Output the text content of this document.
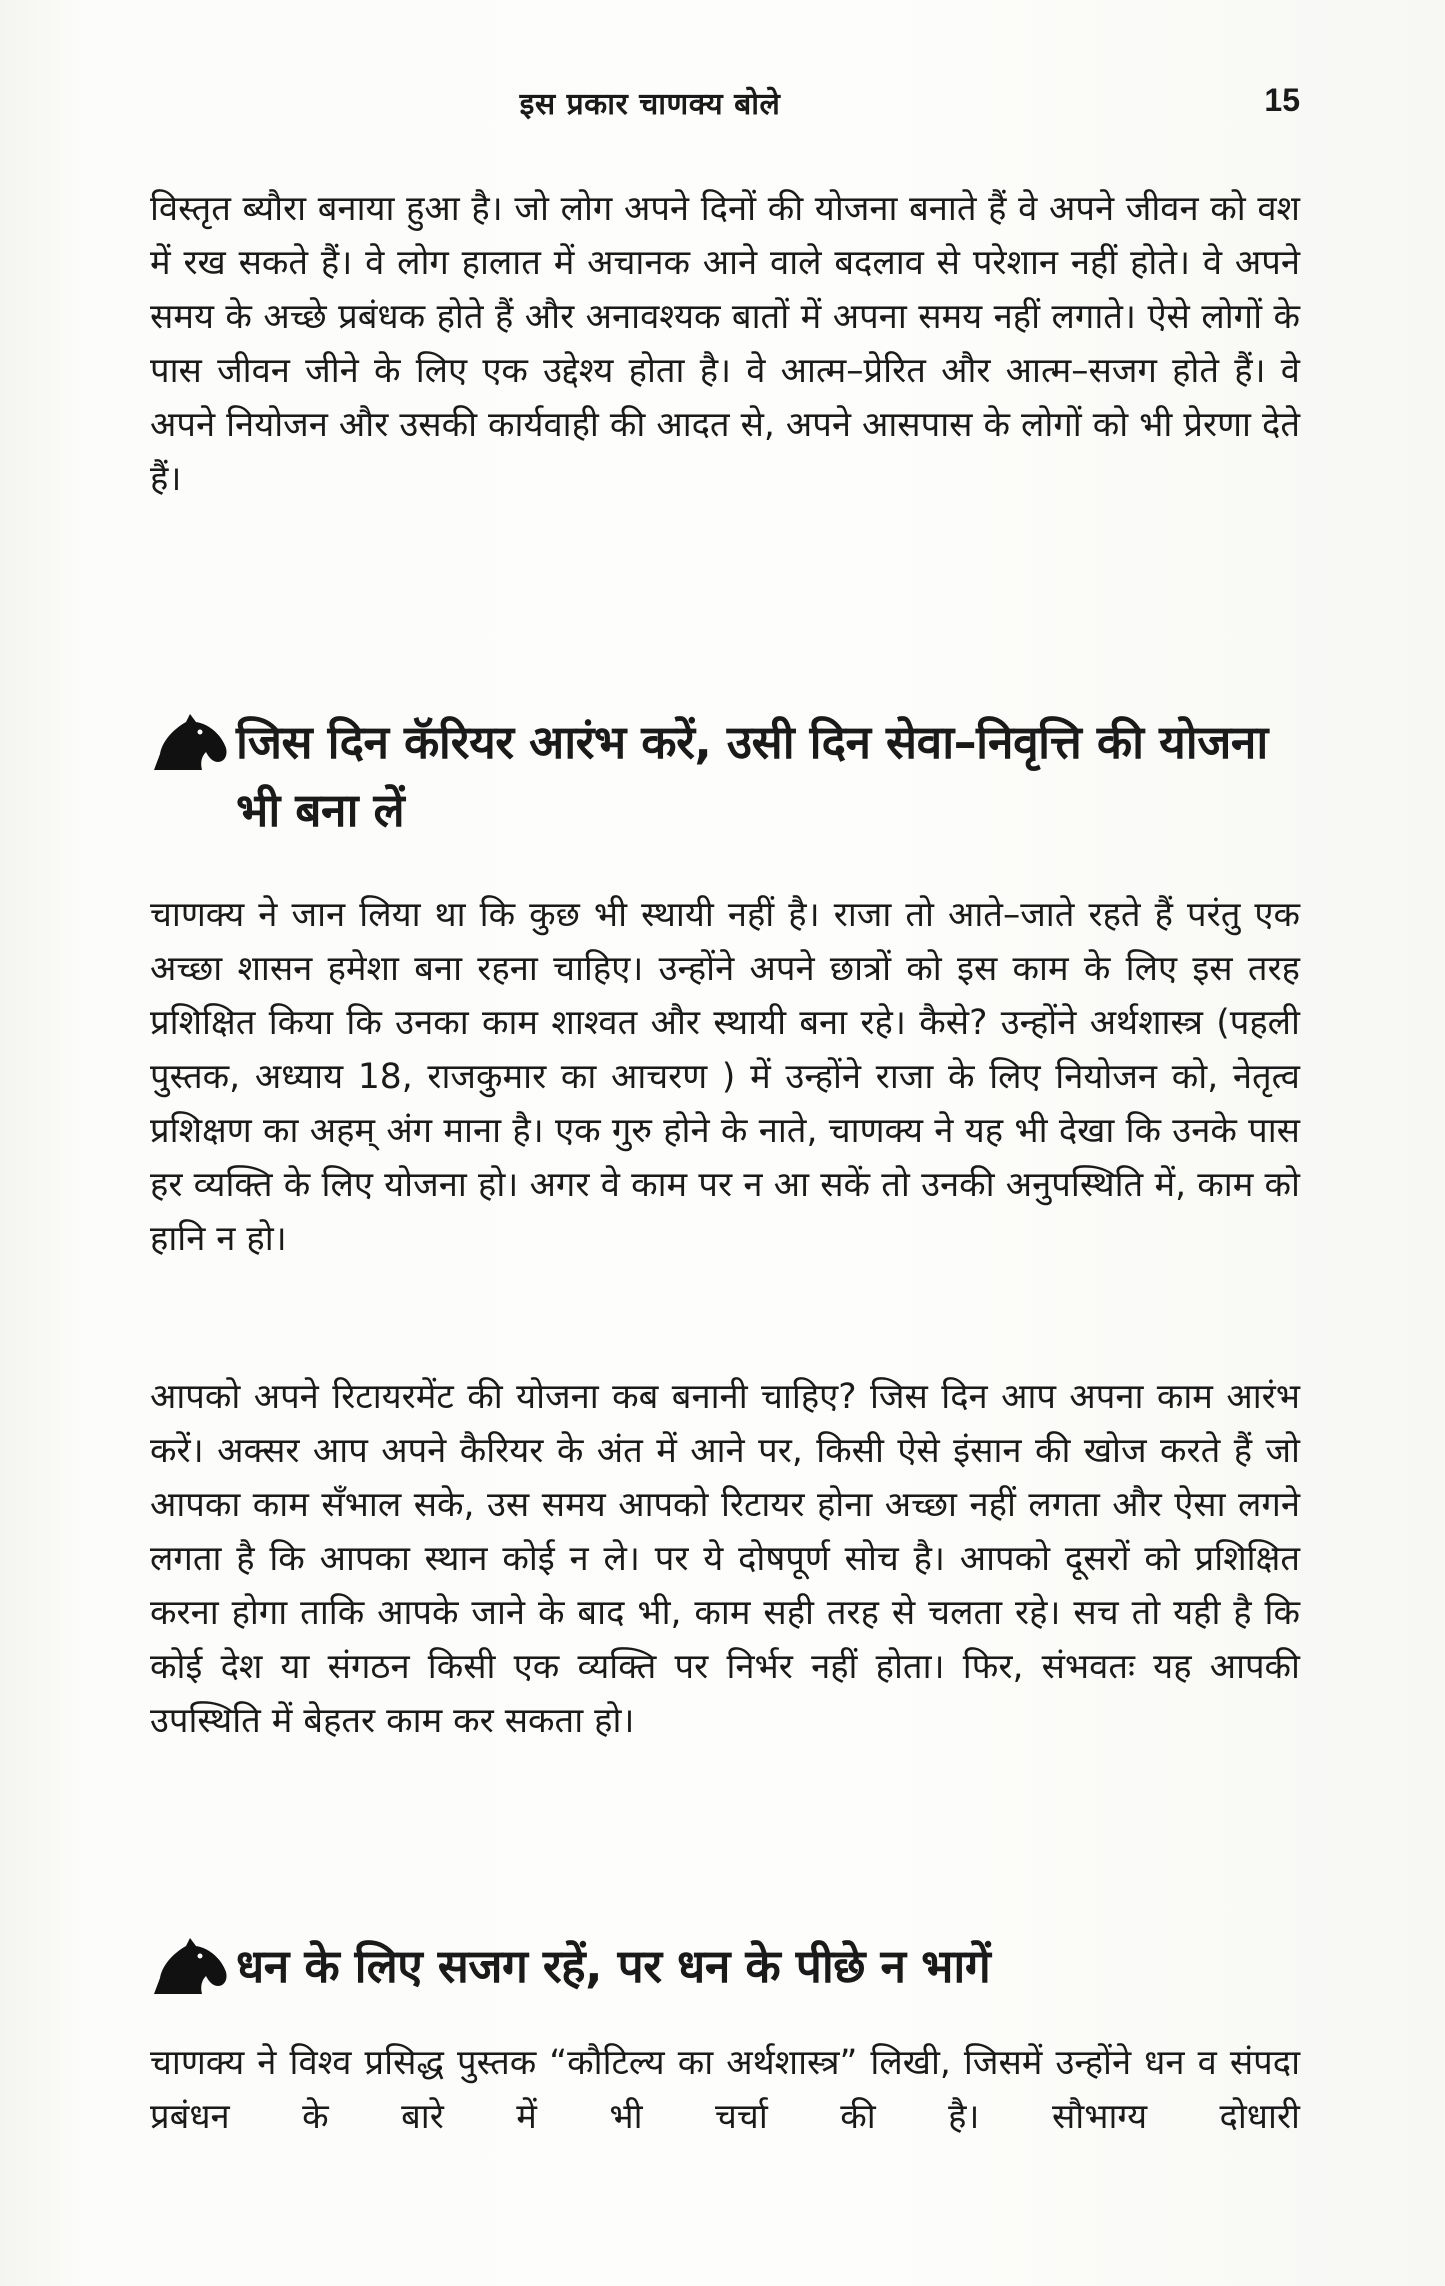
इस प्रकार चाणक्य बोले	15

विस्तृत ब्यौरा बनाया हुआ है। जो लोग अपने दिनों की योजना बनाते हैं वे अपने जीवन को वश में रख सकते हैं। वे लोग हालात में अचानक आने वाले बदलाव से परेशान नहीं होते। वे अपने समय के अच्छे प्रबंधक होते हैं और अनावश्यक बातों में अपना समय नहीं लगाते। ऐसे लोगों के पास जीवन जीने के लिए एक उद्देश्य होता है। वे आत्म–प्रेरित और आत्म–सजग होते हैं। वे अपने नियोजन और उसकी कार्यवाही की आदत से, अपने आसपास के लोगों को भी प्रेरणा देते हैं।

जिस दिन कॅरियर आरंभ करें, उसी दिन सेवा–निवृत्ति की योजना भी बना लें

चाणक्य ने जान लिया था कि कुछ भी स्थायी नहीं है। राजा तो आते–जाते रहते हैं परंतु एक अच्छा शासन हमेशा बना रहना चाहिए। उन्होंने अपने छात्रों को इस काम के लिए इस तरह प्रशिक्षित किया कि उनका काम शाश्वत और स्थायी बना रहे। कैसे? उन्होंने अर्थशास्त्र (पहली पुस्तक, अध्याय 18, राजकुमार का आचरण ) में उन्होंने राजा के लिए नियोजन को, नेतृत्व प्रशिक्षण का अहम् अंग माना है। एक गुरु होने के नाते, चाणक्य ने यह भी देखा कि उनके पास हर व्यक्ति के लिए योजना हो। अगर वे काम पर न आ सकें तो उनकी अनुपस्थिति में, काम को हानि न हो।

आपको अपने रिटायरमेंट की योजना कब बनानी चाहिए? जिस दिन आप अपना काम आरंभ करें। अक्सर आप अपने कैरियर के अंत में आने पर, किसी ऐसे इंसान की खोज करते हैं जो आपका काम सँभाल सके, उस समय आपको रिटायर होना अच्छा नहीं लगता और ऐसा लगने लगता है कि आपका स्थान कोई न ले। पर ये दोषपूर्ण सोच है। आपको दूसरों को प्रशिक्षित करना होगा ताकि आपके जाने के बाद भी, काम सही तरह से चलता रहे। सच तो यही है कि कोई देश या संगठन किसी एक व्यक्ति पर निर्भर नहीं होता। फिर, संभवतः यह आपकी उपस्थिति में बेहतर काम कर सकता हो।

धन के लिए सजग रहें, पर धन के पीछे न भागें

चाणक्य ने विश्व प्रसिद्ध पुस्तक “कौटिल्य का अर्थशास्त्र” लिखी, जिसमें उन्होंने धन व संपदा प्रबंधन के बारे में भी चर्चा की है। सौभाग्य दोधारी
